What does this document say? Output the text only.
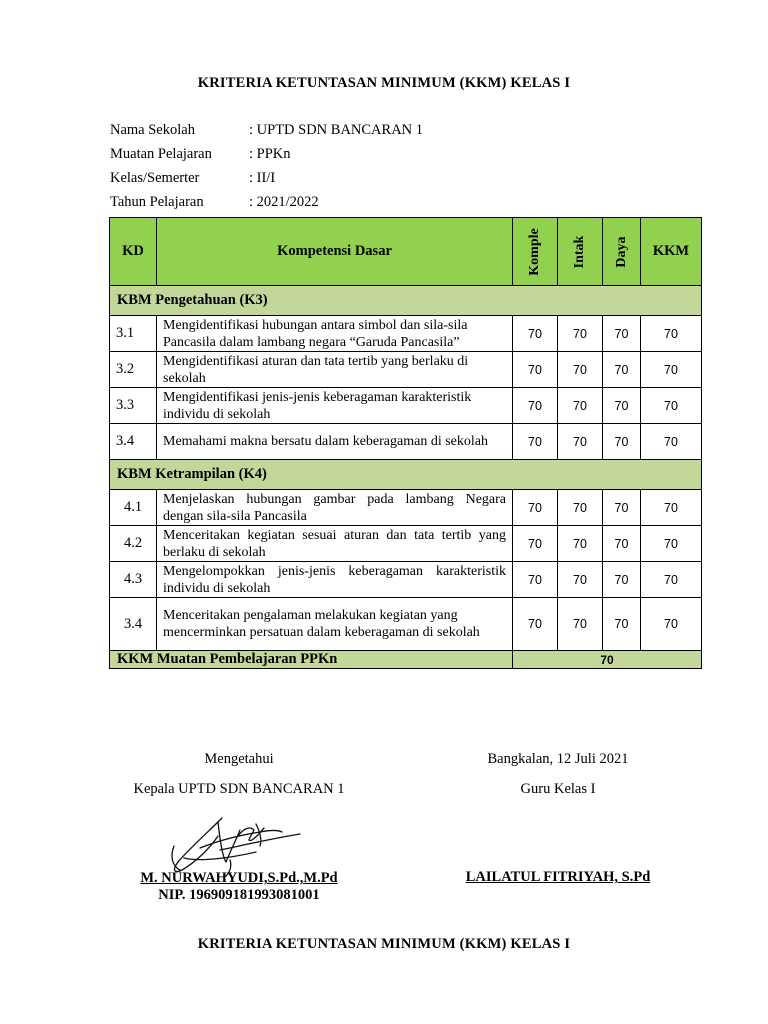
KRITERIA KETUNTASAN MINIMUM (KKM) KELAS I
Nama Sekolah	: UPTD SDN BANCARAN 1
Muatan Pelajaran	: PPKn
Kelas/Semerter	: II/I
Tahun Pelajaran	: 2021/2022
KD	Kompetensi Dasar	Komple	Intak	Daya	KKM
KBM Pengetahuan (K3)					
3.1	Mengidentifikasi hubungan antara simbol dan sila-sila Pancasila dalam lambang negara “Garuda Pancasila”	70	70	70	70
3.2	Mengidentifikasi aturan dan tata tertib yang berlaku di sekolah	70	70	70	70
3.3	Mengidentifikasi jenis-jenis keberagaman karakteristik individu di sekolah	70	70	70	70
3.4	Memahami makna bersatu dalam keberagaman di sekolah	70	70	70	70
KBM Ketrampilan (K4)					
4.1	Menjelaskan hubungan gambar pada lambang Negara dengan sila-sila Pancasila	70	70	70	70
4.2	Menceritakan kegiatan sesuai aturan dan tata tertib yang berlaku di sekolah	70	70	70	70
4.3	Mengelompokkan jenis-jenis keberagaman karakteristik individu di sekolah	70	70	70	70
3.4	Menceritakan pengalaman melakukan kegiatan yang mencerminkan persatuan dalam keberagaman di sekolah	70	70	70	70
KKM Muatan Pembelajaran PPKn		70			
Mengetahui
Kepala UPTD SDN BANCARAN 1
Bangkalan, 12 Juli 2021
Guru Kelas I
M. NURWAHYUDI,S.Pd.,M.Pd
NIP. 196909181993081001
LAILATUL FITRIYAH, S.Pd
KRITERIA KETUNTASAN MINIMUM (KKM) KELAS I
